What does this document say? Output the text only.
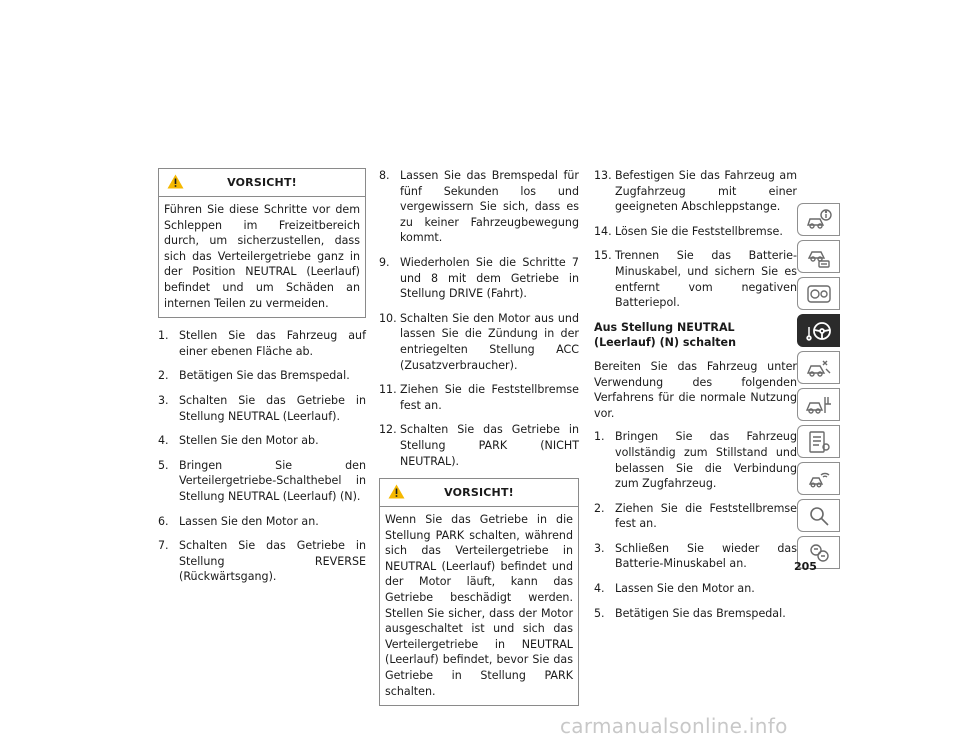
VORSICHT!
Führen Sie diese Schritte vor dem Schleppen im Freizeitbereich durch, um sicherzustellen, dass sich das Verteilergetriebe ganz in der Position NEUTRAL (Leerlauf) befindet und um Schäden an internen Teilen zu vermeiden.
1. Stellen Sie das Fahrzeug auf einer ebenen Fläche ab.
2. Betätigen Sie das Bremspedal.
3. Schalten Sie das Getriebe in Stellung NEUTRAL (Leerlauf).
4. Stellen Sie den Motor ab.
5. Bringen Sie den Verteilergetriebe-Schalthebel in Stellung NEUTRAL (Leerlauf) (N).
6. Lassen Sie den Motor an.
7. Schalten Sie das Getriebe in Stellung REVERSE (Rückwärtsgang).
8. Lassen Sie das Bremspedal für fünf Sekunden los und vergewissern Sie sich, dass es zu keiner Fahrzeugbewegung kommt.
9. Wiederholen Sie die Schritte 7 und 8 mit dem Getriebe in Stellung DRIVE (Fahrt).
10. Schalten Sie den Motor aus und lassen Sie die Zündung in der entriegelten Stellung ACC (Zusatzverbraucher).
11. Ziehen Sie die Feststellbremse fest an.
12. Schalten Sie das Getriebe in Stellung PARK (NICHT NEUTRAL).
VORSICHT!
Wenn Sie das Getriebe in die Stellung PARK schalten, während sich das Verteilergetriebe in NEUTRAL (Leerlauf) befindet und der Motor läuft, kann das Getriebe beschädigt werden. Stellen Sie sicher, dass der Motor ausgeschaltet ist und sich das Verteilergetriebe in NEUTRAL (Leerlauf) befindet, bevor Sie das Getriebe in Stellung PARK schalten.
13. Befestigen Sie das Fahrzeug am Zugfahrzeug mit einer geeigneten Abschleppstange.
14. Lösen Sie die Feststellbremse.
15. Trennen Sie das Batterie-Minuskabel, und sichern Sie es entfernt vom negativen Batteriepol.
Aus Stellung NEUTRAL (Leerlauf) (N) schalten

Bereiten Sie das Fahrzeug unter Verwendung des folgenden Verfahrens für die normale Nutzung vor.

1. Bringen Sie das Fahrzeug vollständig zum Stillstand und belassen Sie die Verbindung zum Zugfahrzeug.
2. Ziehen Sie die Feststellbremse fest an.
3. Schließen Sie wieder das Batterie-Minuskabel an.
4. Lassen Sie den Motor an.
5. Betätigen Sie das Bremspedal.
205
carmanualsonline.info
